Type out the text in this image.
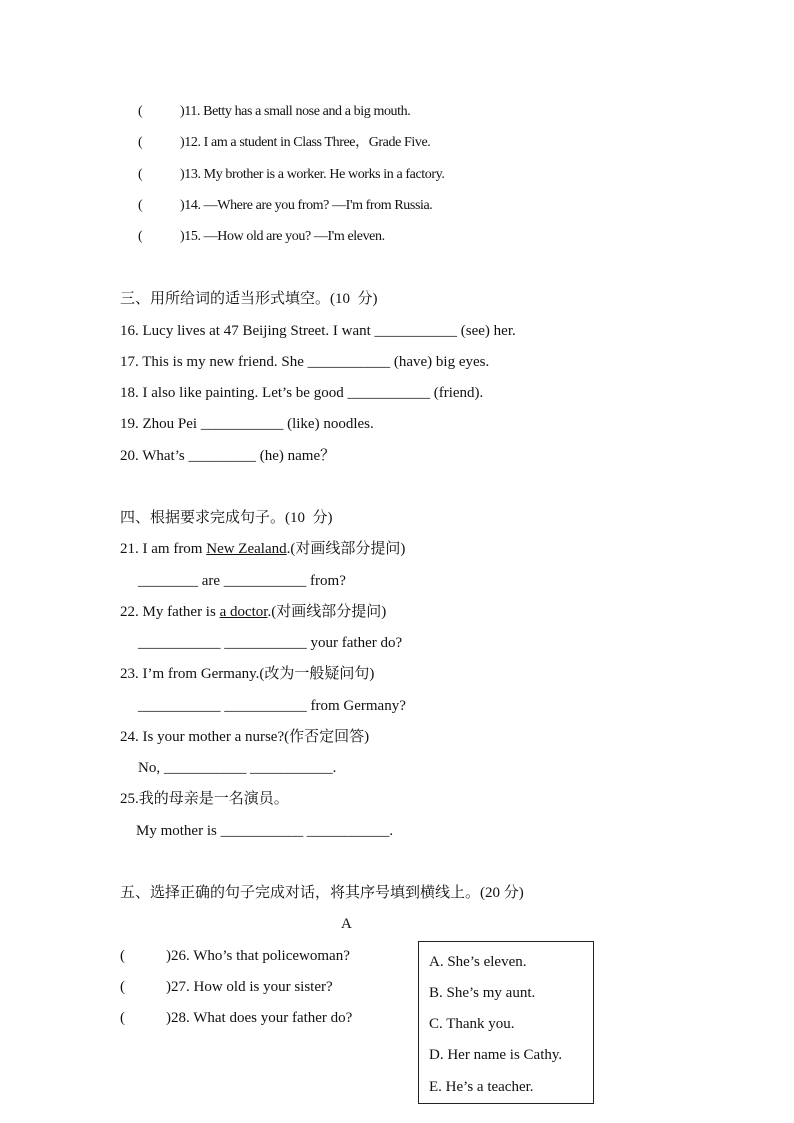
(	)11. Betty has a small nose and a big mouth.
(	)12. I am a student in Class Three，Grade Five.
(	)13. My brother is a worker. He works in a factory.
(	)14. —Where are you from? —I'm from Russia.
(	)15. —How old are you? —I'm eleven.
三、用所给词的适当形式填空。(10  分)
16. Lucy lives at 47 Beijing Street. I want ___________ (see) her.
17. This is my new friend. She ___________ (have) big eyes.
18. I also like painting. Let’s be good ___________ (friend).
19. Zhou Pei ___________ (like) noodles.
20. What’s _________ (he) name？
四、根据要求完成句子。(10  分)
21. I am from New Zealand.(对画线部分提问)
________ are ___________ from?
22. My father is a doctor.(对画线部分提问)
___________ ___________ your father do?
23. I’m from Germany.(改为一般疑问句)
___________ ___________ from Germany?
24. Is your mother a nurse?(作否定回答)
No, ___________ ___________.
25.我的母亲是一名演员。
My mother is ___________ ___________.
五、选择正确的句子完成对话，将其序号填到横线上。(20 分)
A
(	)26. Who’s that policewoman?
(	)27. How old is your sister?
(	)28. What does your father do?
A. She’s eleven.
B. She’s my aunt.
C. Thank you.
D. Her name is Cathy.
E. He’s a teacher.
